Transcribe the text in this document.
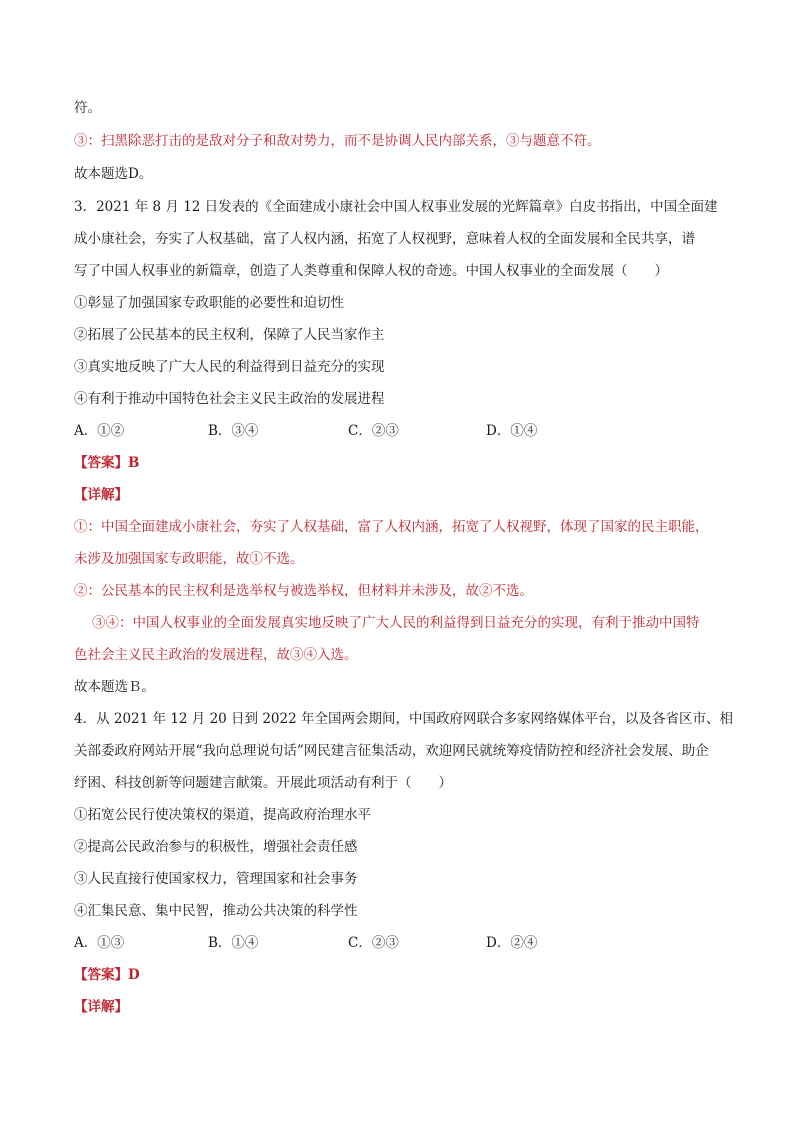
符。
③：扫黑除恶打击的是敌对分子和敌对势力，而不是协调人民内部关系，③与题意不符。
故本题选D。
3．2021 年 8 月 12 日发表的《全面建成小康社会中国人权事业发展的光辉篇章》白皮书指出，中国全面建
成小康社会，夯实了人权基础，富了人权内涵，拓宽了人权视野，意味着人权的全面发展和全民共享，谱
写了中国人权事业的新篇章，创造了人类尊重和保障人权的奇迹。中国人权事业的全面发展（　　）
①彰显了加强国家专政职能的必要性和迫切性
②拓展了公民基本的民主权利，保障了人民当家作主
③真实地反映了广大人民的利益得到日益充分的实现
④有利于推动中国特色社会主义民主政治的发展进程
A．①②	B．③④	C．②③	D．①④
【答案】B
【详解】
①：中国全面建成小康社会，夯实了人权基础，富了人权内涵，拓宽了人权视野，体现了国家的民主职能，
未涉及加强国家专政职能，故①不选。
②：公民基本的民主权利是选举权与被选举权，但材料并未涉及，故②不选。
③④：中国人权事业的全面发展真实地反映了广大人民的利益得到日益充分的实现，有利于推动中国特
色社会主义民主政治的发展进程，故③④入选。
故本题选Ｂ。
4．从 2021 年 12 月 20 日到 2022 年全国两会期间，中国政府网联合多家网络媒体平台，以及各省区市、相
关部委政府网站开展“我向总理说句话”网民建言征集活动，欢迎网民就统筹疫情防控和经济社会发展、助企
纾困、科技创新等问题建言献策。开展此项活动有利于（　　）
①拓宽公民行使决策权的渠道，提高政府治理水平
②提高公民政治参与的积极性，增强社会责任感
③人民直接行使国家权力，管理国家和社会事务
④汇集民意、集中民智，推动公共决策的科学性
A．①③	B．①④	C．②③	D．②④
【答案】D
【详解】
